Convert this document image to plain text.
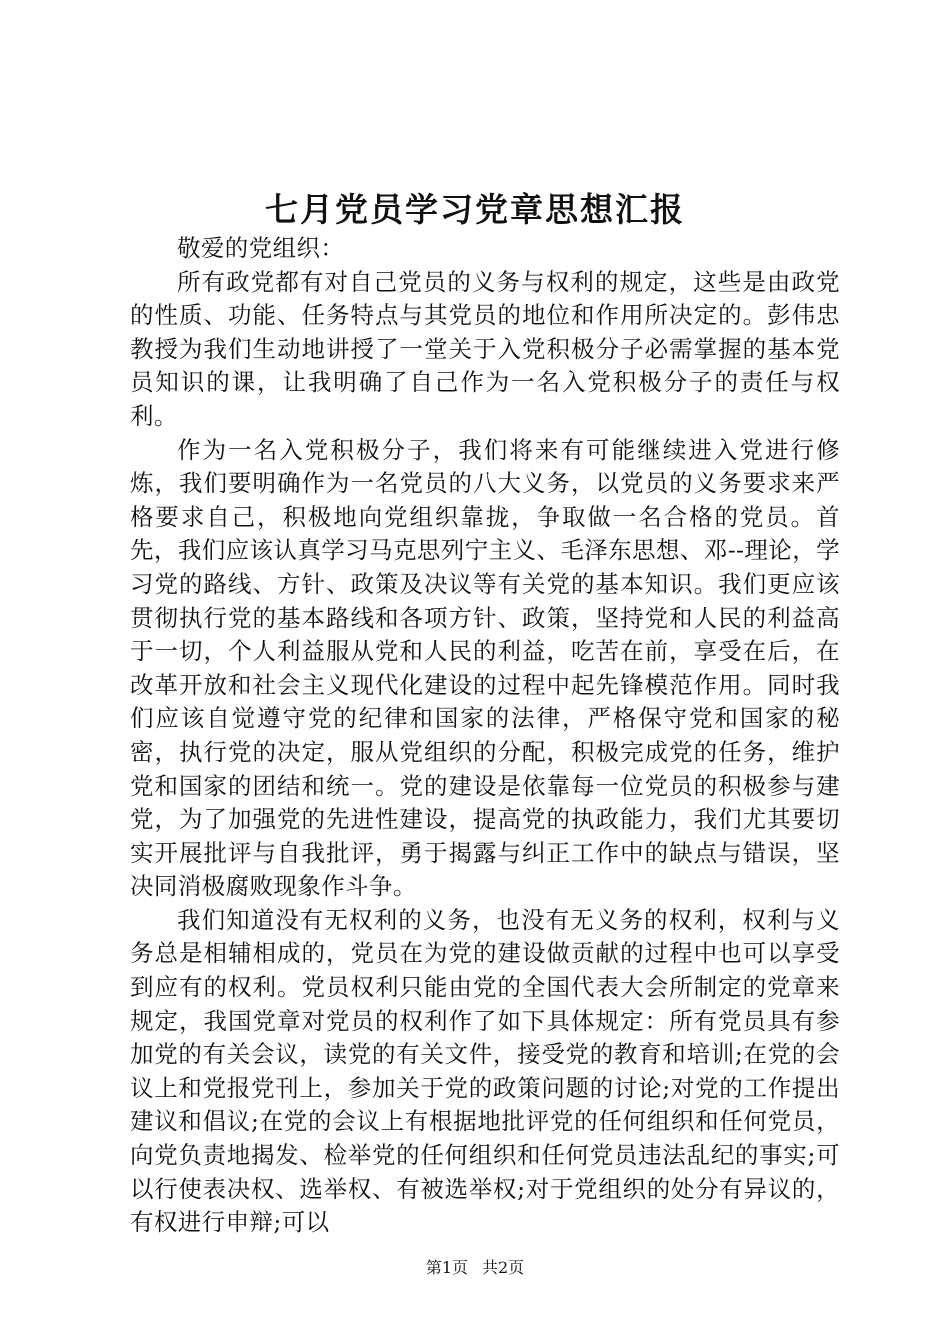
七月党员学习党章思想汇报

敬爱的党组织：

所有政党都有对自己党员的义务与权利的规定，这些是由政党的性质、功能、任务特点与其党员的地位和作用所决定的。彭伟忠教授为我们生动地讲授了一堂关于入党积极分子必需掌握的基本党员知识的课，让我明确了自己作为一名入党积极分子的责任与权利。

作为一名入党积极分子，我们将来有可能继续进入党进行修炼，我们要明确作为一名党员的八大义务，以党员的义务要求来严格要求自己，积极地向党组织靠拢，争取做一名合格的党员。首先，我们应该认真学习马克思列宁主义、毛泽东思想、邓--理论，学习党的路线、方针、政策及决议等有关党的基本知识。我们更应该贯彻执行党的基本路线和各项方针、政策，坚持党和人民的利益高于一切，个人利益服从党和人民的利益，吃苦在前，享受在后，在改革开放和社会主义现代化建设的过程中起先锋模范作用。同时我们应该自觉遵守党的纪律和国家的法律，严格保守党和国家的秘密，执行党的决定，服从党组织的分配，积极完成党的任务，维护党和国家的团结和统一。党的建设是依靠每一位党员的积极参与建党，为了加强党的先进性建设，提高党的执政能力，我们尤其要切实开展批评与自我批评，勇于揭露与纠正工作中的缺点与错误，坚决同消极腐败现象作斗争。

我们知道没有无权利的义务，也没有无义务的权利，权利与义务总是相辅相成的，党员在为党的建设做贡献的过程中也可以享受到应有的权利。党员权利只能由党的全国代表大会所制定的党章来规定，我国党章对党员的权利作了如下具体规定：所有党员具有参加党的有关会议，读党的有关文件，接受党的教育和培训;在党的会议上和党报党刊上，参加关于党的政策问题的讨论;对党的工作提出建议和倡议;在党的会议上有根据地批评党的任何组织和任何党员，向党负责地揭发、检举党的任何组织和任何党员违法乱纪的事实;可以行使表决权、选举权、有被选举权;对于党组织的处分有异议的，有权进行申辩;可以

第1页 共2页
